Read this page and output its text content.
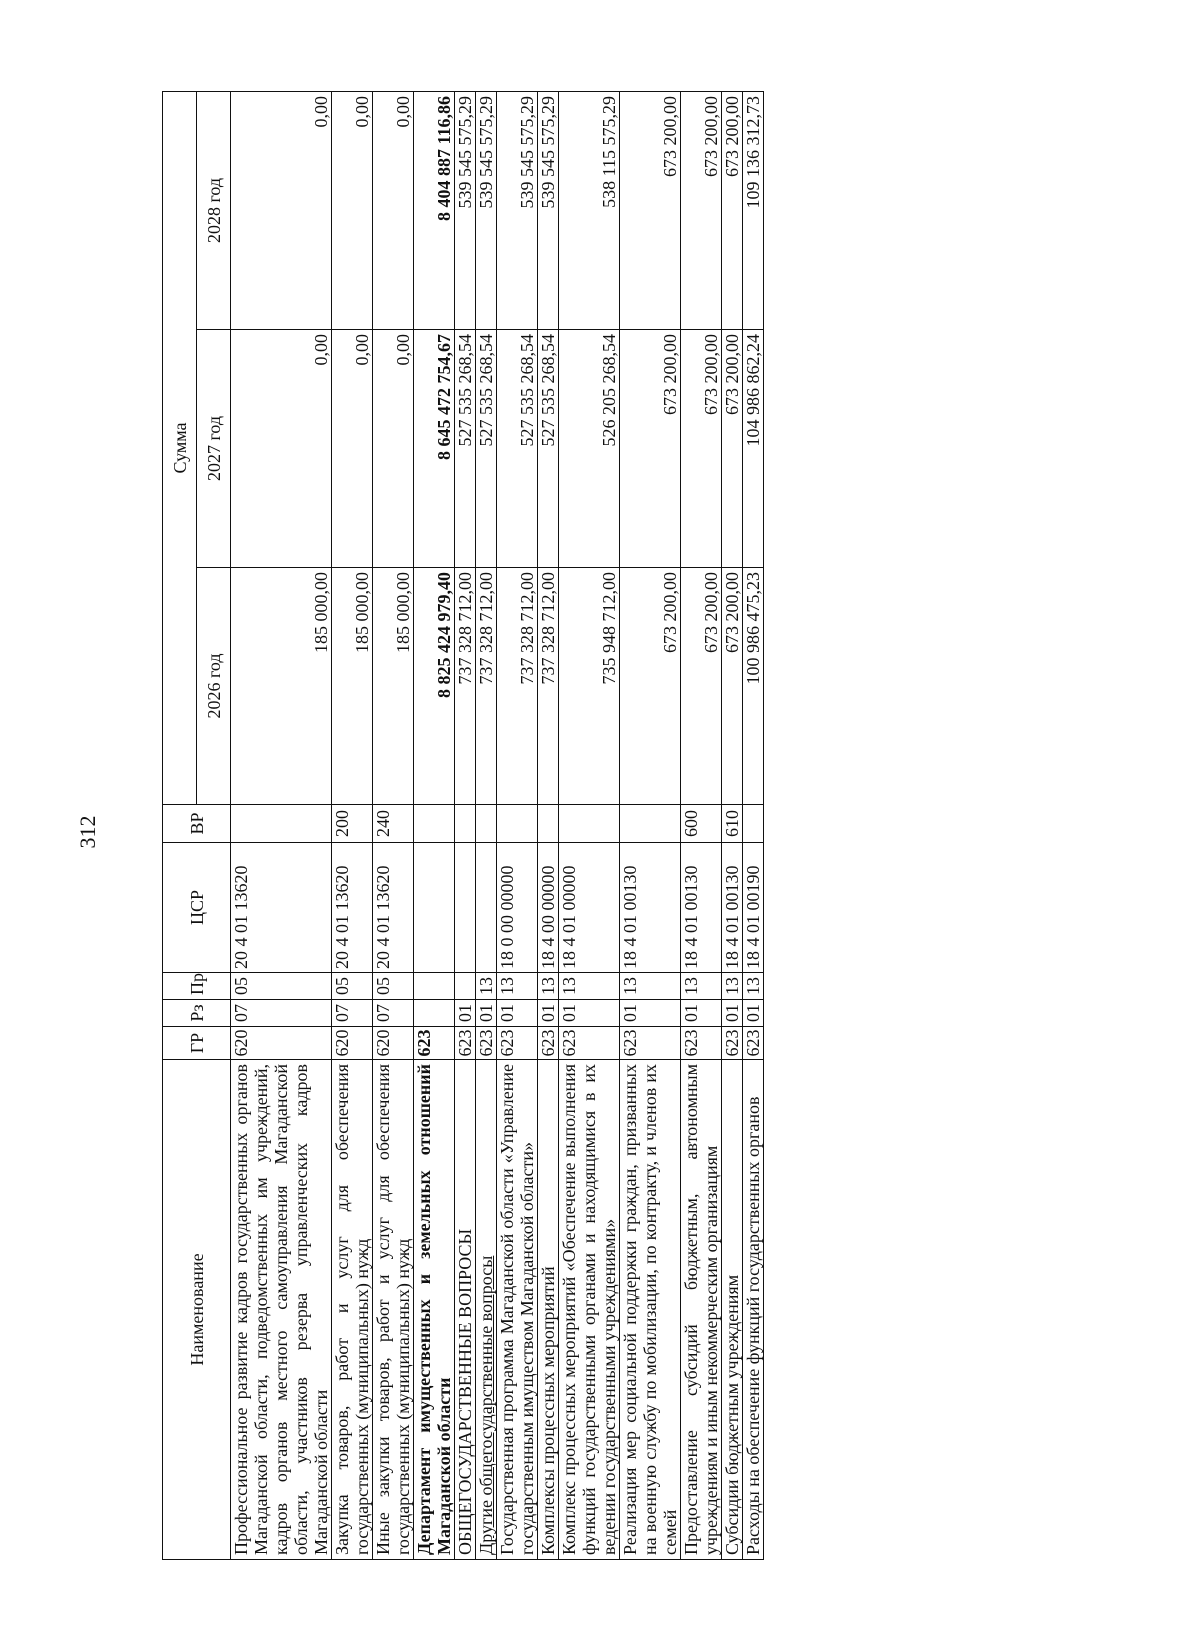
312
Наименование	ГР	Рз	Пр	ЦСР	ВР	Сумма		
						2026 год	2027 год	2028 год
Профессиональное развитие кадров государственных органов Магаданской области, подведомственных им учреждений, кадров органов местного самоуправления Магаданской области, участников резерва управленческих кадров Магаданской области	620	07	05	20 4 01 13620		185 000,00	0,00	0,00
Закупка товаров, работ и услуг для обеспечения государственных (муниципальных) нужд	620	07	05	20 4 01 13620	200	185 000,00	0,00	0,00
Иные закупки товаров, работ и услуг для обеспечения государственных (муниципальных) нужд	620	07	05	20 4 01 13620	240	185 000,00	0,00	0,00
Департамент имущественных и земельных отношений Магаданской области	623					8 825 424 979,40	8 645 472 754,67	8 404 887 116,86
ОБЩЕГОСУДАРСТВЕННЫЕ ВОПРОСЫ	623	01				737 328 712,00	527 535 268,54	539 545 575,29
Другие общегосударственные вопросы	623	01	13			737 328 712,00	527 535 268,54	539 545 575,29
Государственная программа Магаданской области «Управление государственным имуществом Магаданской области»	623	01	13	18 0 00 00000		737 328 712,00	527 535 268,54	539 545 575,29
Комплексы процессных мероприятий	623	01	13	18 4 00 00000		737 328 712,00	527 535 268,54	539 545 575,29
Комплекс процессных мероприятий «Обеспечение выполнения функций государственными органами и находящимися в их ведении государственными учреждениями»	623	01	13	18 4 01 00000		735 948 712,00	526 205 268,54	538 115 575,29
Реализация мер социальной поддержки граждан, призванных на военную службу по мобилизации, по контракту, и членов их семей	623	01	13	18 4 01 00130		673 200,00	673 200,00	673 200,00
Предоставление субсидий бюджетным, автономным учреждениям и иным некоммерческим организациям	623	01	13	18 4 01 00130	600	673 200,00	673 200,00	673 200,00
Субсидии бюджетным учреждениям	623	01	13	18 4 01 00130	610	673 200,00	673 200,00	673 200,00
Расходы на обеспечение функций государственных органов	623	01	13	18 4 01 00190		100 986 475,23	104 986 862,24	109 136 312,73
